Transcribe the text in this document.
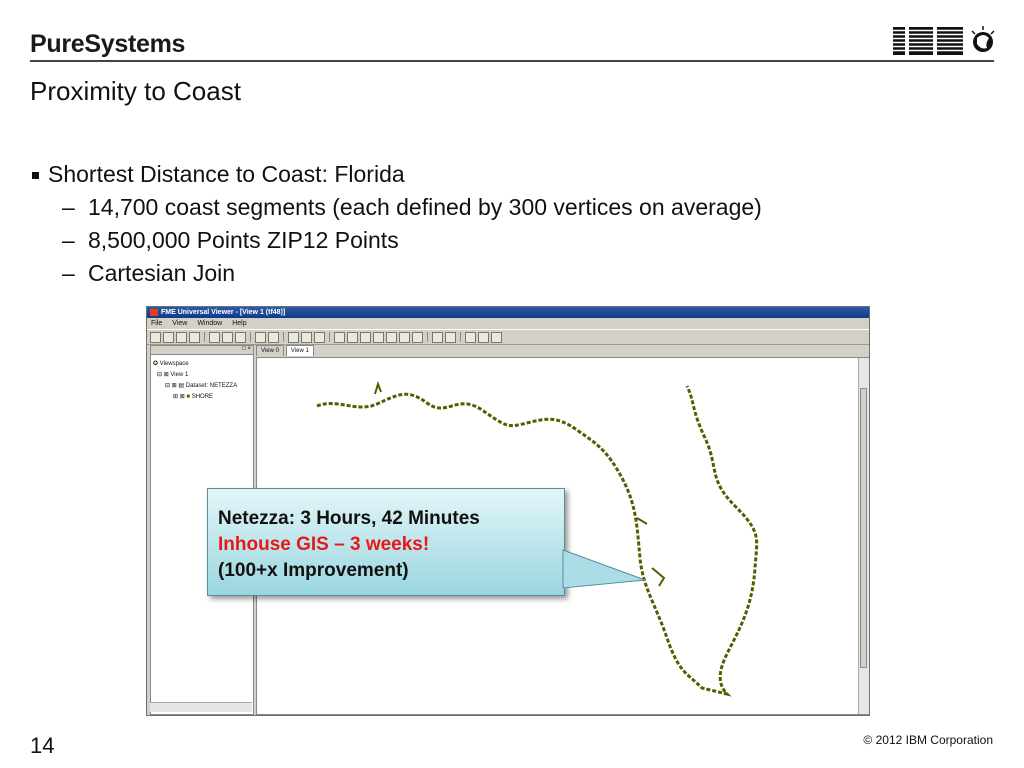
PureSystems
Proximity to Coast
Shortest Distance to Coast: Florida
– 14,700 coast segments (each defined by 300 vertices on average)
– 8,500,000 Points ZIP12 Points
– Cartesian Join
FME Universal Viewer - [View 1 (tf48)]
File View Window Help
□ ×
✪ Viewspace
⊟ ⊠ View 1
⊟ ⊠ ▤ Dataset: NETEZZA
⊞ ⊠ ■ SHORE
View 0	View 1
Netezza: 3 Hours, 42 Minutes
Inhouse GIS – 3 weeks!
(100+x Improvement)
14	© 2012 IBM Corporation
